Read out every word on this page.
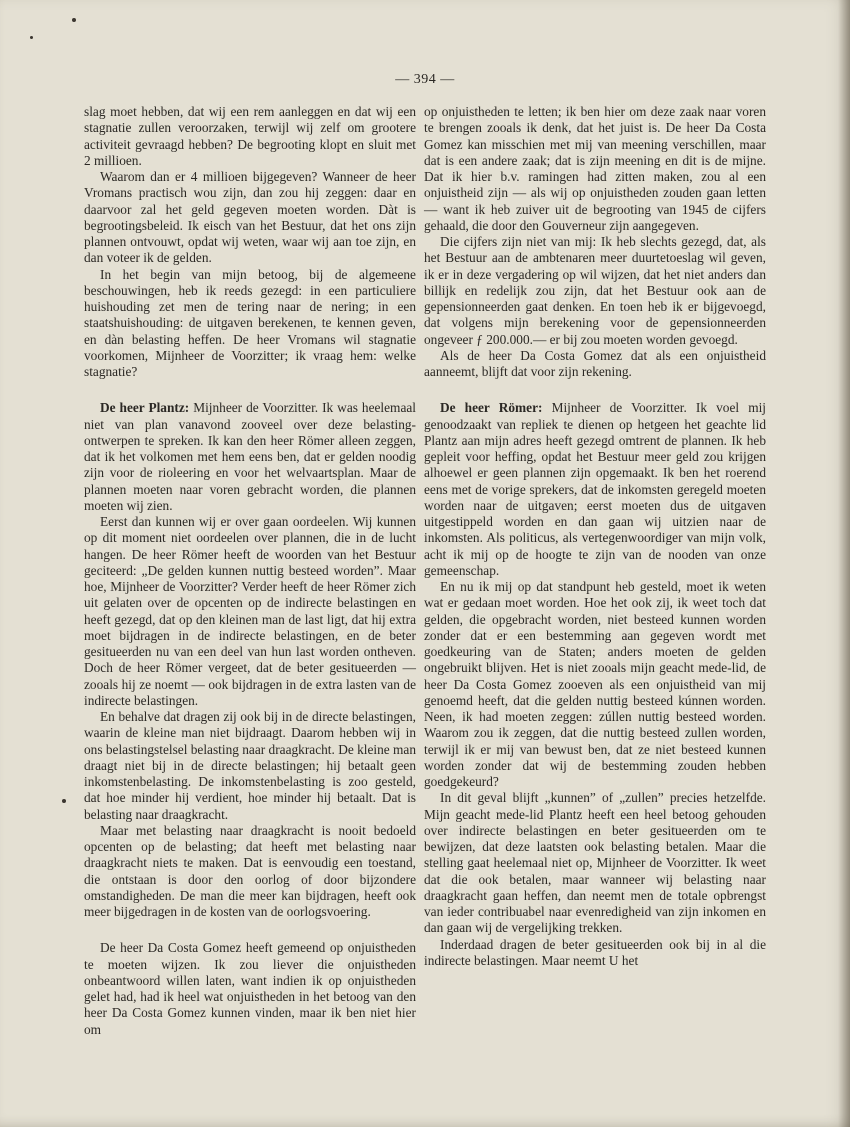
— 394 —

slag moet hebben, dat wij een rem aanleggen en dat wij een stagnatie zullen veroorzaken, terwijl wij zelf om grootere activiteit gevraagd hebben? De begrooting klopt en sluit met 2 millioen.

Waarom dan er 4 millioen bijgegeven? Wanneer de heer Vromans practisch wou zijn, dan zou hij zeggen: daar en daarvoor zal het geld gegeven moeten worden. Dàt is begrootingsbeleid. Ik eisch van het Bestuur, dat het ons zijn plannen ontvouwt, opdat wij weten, waar wij aan toe zijn, en dan voteer ik de gelden.

In het begin van mijn betoog, bij de algemeene beschouwingen, heb ik reeds gezegd: in een particuliere huishouding zet men de tering naar de nering; in een staatshuishouding: de uitgaven berekenen, te kennen geven, en dàn belasting heffen. De heer Vromans wil stagnatie voorkomen, Mijnheer de Voorzitter; ik vraag hem: welke stagnatie?

De heer Plantz: Mijnheer de Voorzitter. Ik was heelemaal niet van plan vanavond zooveel over deze belasting-ontwerpen te spreken. Ik kan den heer Römer alleen zeggen, dat ik het volkomen met hem eens ben, dat er gelden noodig zijn voor de rioleering en voor het welvaartsplan. Maar de plannen moeten naar voren gebracht worden, die plannen moeten wij zien.

Eerst dan kunnen wij er over gaan oordeelen. Wij kunnen op dit moment niet oordeelen over plannen, die in de lucht hangen. De heer Römer heeft de woorden van het Bestuur geciteerd: „De gelden kunnen nuttig besteed worden”. Maar hoe, Mijnheer de Voorzitter? Verder heeft de heer Römer zich uit gelaten over de opcenten op de indirecte belastingen en heeft gezegd, dat op den kleinen man de last ligt, dat hij extra moet bijdragen in de indirecte belastingen, en de beter gesitueerden nu van een deel van hun last worden ontheven. Doch de heer Römer vergeet, dat de beter gesitueerden — zooals hij ze noemt — ook bijdragen in de extra lasten van de indirecte belastingen.

En behalve dat dragen zij ook bij in de directe belastingen, waarin de kleine man niet bijdraagt. Daarom hebben wij in ons belastingstelsel belasting naar draagkracht. De kleine man draagt niet bij in de directe belastingen; hij betaalt geen inkomstenbelasting. De inkomstenbelasting is zoo gesteld, dat hoe minder hij verdient, hoe minder hij betaalt. Dat is belasting naar draagkracht.

Maar met belasting naar draagkracht is nooit bedoeld opcenten op de belasting; dat heeft met belasting naar draagkracht niets te maken. Dat is eenvoudig een toestand, die ontstaan is door den oorlog of door bijzondere omstandigheden. De man die meer kan bijdragen, heeft ook meer bijgedragen in de kosten van de oorlogsvoering.

De heer Da Costa Gomez heeft gemeend op onjuistheden te moeten wijzen. Ik zou liever die onjuistheden onbeantwoord willen laten, want indien ik op onjuistheden gelet had, had ik heel wat onjuistheden in het betoog van den heer Da Costa Gomez kunnen vinden, maar ik ben niet hier om

op onjuistheden te letten; ik ben hier om deze zaak naar voren te brengen zooals ik denk, dat het juist is. De heer Da Costa Gomez kan misschien met mij van meening verschillen, maar dat is een andere zaak; dat is zijn meening en dit is de mijne. Dat ik hier b.v. ramingen had zitten maken, zou al een onjuistheid zijn — als wij op onjuistheden zouden gaan letten — want ik heb zuiver uit de begrooting van 1945 de cijfers gehaald, die door den Gouverneur zijn aangegeven.

Die cijfers zijn niet van mij: Ik heb slechts gezegd, dat, als het Bestuur aan de ambtenaren meer duurtetoeslag wil geven, ik er in deze vergadering op wil wijzen, dat het niet anders dan billijk en redelijk zou zijn, dat het Bestuur ook aan de gepensionneerden gaat denken. En toen heb ik er bijgevoegd, dat volgens mijn berekening voor de gepensionneerden ongeveer ƒ 200.000.— er bij zou moeten worden gevoegd.

Als de heer Da Costa Gomez dat als een onjuistheid aanneemt, blijft dat voor zijn rekening.

De heer Römer: Mijnheer de Voorzitter. Ik voel mij genoodzaakt van repliek te dienen op hetgeen het geachte lid Plantz aan mijn adres heeft gezegd omtrent de plannen. Ik heb gepleit voor heffing, opdat het Bestuur meer geld zou krijgen alhoewel er geen plannen zijn opgemaakt. Ik ben het roerend eens met de vorige sprekers, dat de inkomsten geregeld moeten worden naar de uitgaven; eerst moeten dus de uitgaven uitgestippeld worden en dan gaan wij uitzien naar de inkomsten. Als politicus, als vertegenwoordiger van mijn volk, acht ik mij op de hoogte te zijn van de nooden van onze gemeenschap.

En nu ik mij op dat standpunt heb gesteld, moet ik weten wat er gedaan moet worden. Hoe het ook zij, ik weet toch dat gelden, die opgebracht worden, niet besteed kunnen worden zonder dat er een bestemming aan gegeven wordt met goedkeuring van de Staten; anders moeten de gelden ongebruikt blijven. Het is niet zooals mijn geacht mede-lid, de heer Da Costa Gomez zooeven als een onjuistheid van mij genoemd heeft, dat die gelden nuttig besteed kúnnen worden. Neen, ik had moeten zeggen: zúllen nuttig besteed worden. Waarom zou ik zeggen, dat die nuttig besteed zullen worden, terwijl ik er mij van bewust ben, dat ze niet besteed kunnen worden zonder dat wij de bestemming zouden hebben goedgekeurd?

In dit geval blijft „kunnen” of „zullen” precies hetzelfde. Mijn geacht mede-lid Plantz heeft een heel betoog gehouden over indirecte belastingen en beter gesitueerden om te bewijzen, dat deze laatsten ook belasting betalen. Maar die stelling gaat heelemaal niet op, Mijnheer de Voorzitter. Ik weet dat die ook betalen, maar wanneer wij belasting naar draagkracht gaan heffen, dan neemt men de totale opbrengst van ieder contribuabel naar evenredigheid van zijn inkomen en dan gaan wij de vergelijking trekken.

Inderdaad dragen de beter gesitueerden ook bij in al die indirecte belastingen. Maar neemt U het
